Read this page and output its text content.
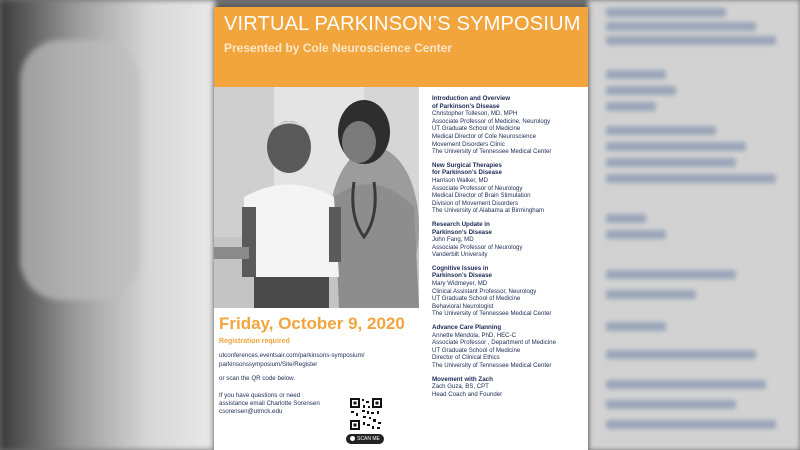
VIRTUAL PARKINSON’S SYMPOSIUM
Presented by Cole Neuroscience Center
Friday, October 9, 2020
Registration required
utconferences.eventsair.com/parkinsons-symposium/
parkinsonssymposium/Site/Register
or scan the QR code below.
If you have questions or need
assistance email Charlotte Sorensen
csorensen@utmck.edu
SCAN ME
Introduction and Overview
of Parkinson’s Disease
Christopher Tolleson, MD, MPH
Associate Professor of Medicine, Neurology
UT Graduate School of Medicine
Medical Director of Cole Neuroscience
Movement Disorders Clinic
The University of Tennessee Medical Center
New Surgical Therapies
for Parkinson’s Disease
Harrison Walker, MD
Associate Professor of Neurology
Medical Director of Brain Stimulation
Division of Movement Disorders
The University of Alabama at Birmingham
Research Update in
Parkinson’s Disease
John Fang, MD
Associate Professor of Neurology
Vanderbilt University
Cognitive Issues in
Parkinson’s Disease
Mary Widmeyer, MD
Clinical Assistant Professor, Neurology
UT Graduate School of Medicine
Behavioral Neurologist
The University of Tennessee Medical Center
Advance Care Planning
Annette Mendola, PhD, HEC-C
Associate Professor , Department of Medicine
UT Graduate School of Medicine
Director of Clinical Ethics
The University of Tennessee Medical Center
Movement with Zach
Zach Guza, BS, CPT
Head Coach and Founder
